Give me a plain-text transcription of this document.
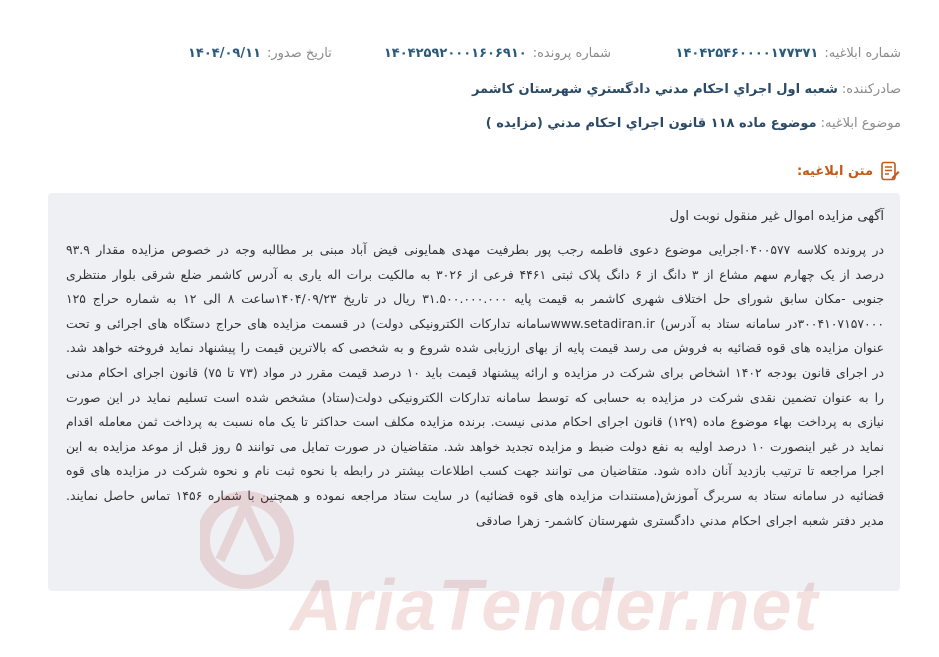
شماره ابلاغیه:۱۴۰۴۲۵۴۶۰۰۰۰۱۷۷۳۷۱
شماره پرونده:۱۴۰۴۲۵۹۲۰۰۰۱۶۰۶۹۱۰
تاریخ صدور:۱۴۰۴/۰۹/۱۱
صادرکننده:شعبه اول اجراي احكام مدني دادگستري شهرستان كاشمر
موضوع ابلاغیه:موضوع ماده ۱۱۸ قانون اجراي احكام مدني (مزايده )
متن ابلاغیه:
آگهی مزایده اموال غیر منقول نوبت اول
در پرونده کلاسه ۰۴۰۰۵۷۷اجرایی موضوع دعوی فاطمه رجب پور بطرفیت مهدی همایونی فیض آباد مبنی بر مطالبه وجه در خصوص مزایده مقدار ۹۳.۹ درصد از یک چهارم سهم مشاع از ۳ دانگ از ۶ دانگ پلاک ثبتی ۴۴۶۱ فرعی از ۳۰۲۶ به مالکیت برات اله یاری به آدرس کاشمر ضلع شرقی بلوار منتظری جنوبی -مکان سابق شورای حل اختلاف شهری کاشمر به قیمت پایه ۳۱.۵۰۰.۰۰۰.۰۰۰ ریال در تاریخ ۱۴۰۴/۰۹/۲۳ساعت ۸ الی ۱۲ به شماره حراج ۱۲۵ ۳۰۰۴۱۰۷۱۵۷۰۰۰در سامانه ستاد به آدرس) www.setadiran.irسامانه تدارکات الکترونیکی دولت) در قسمت مزایده های حراج دستگاه های اجرائی و تحت عنوان مزایده های قوه قضائیه به فروش می رسد قیمت پایه از بهای ارزیابی شده شروع و به شخصی که بالاترین قیمت را پیشنهاد نماید فروخته خواهد شد. در اجرای قانون بودجه ۱۴۰۲ اشخاص برای شرکت در مزایده و ارائه پیشنهاد قیمت باید ۱۰ درصد قیمت مقرر در مواد (۷۳ تا ۷۵) قانون اجرای احکام مدنی را به عنوان تضمین نقدی شرکت در مزایده به حسابی که توسط سامانه تدارکات الکترونیکی دولت(ستاد) مشخص شده است تسلیم نماید در این صورت نیازی به پرداخت بهاء موضوع ماده (۱۲۹) قانون اجرای احکام مدنی نیست. برنده مزایده مکلف است حداکثر تا یک ماه نسبت به پرداخت ثمن معامله اقدام نماید در غیر اینصورت ۱۰ درصد اولیه به نفع دولت ضبط و مزایده تجدید خواهد شد. متقاضیان در صورت تمایل می توانند ۵ روز قبل از موعد مزایده به این اجرا مراجعه تا ترتیب بازدید آنان داده شود. متقاضیان می توانند جهت کسب اطلاعات بیشتر در رابطه با نحوه ثبت نام و نحوه شرکت در مزایده های قوه قضائیه در سامانه ستاد به سربرگ آموزش(مستندات مزایده های قوه قضائیه) در سایت ستاد مراجعه نموده و همچنین با شماره ۱۴۵۶ تماس حاصل نمایند. مدیر دفتر شعبه اجرای احکام مدني دادگستری شهرستان کاشمر- زهرا صادقی
AriaTender.net
